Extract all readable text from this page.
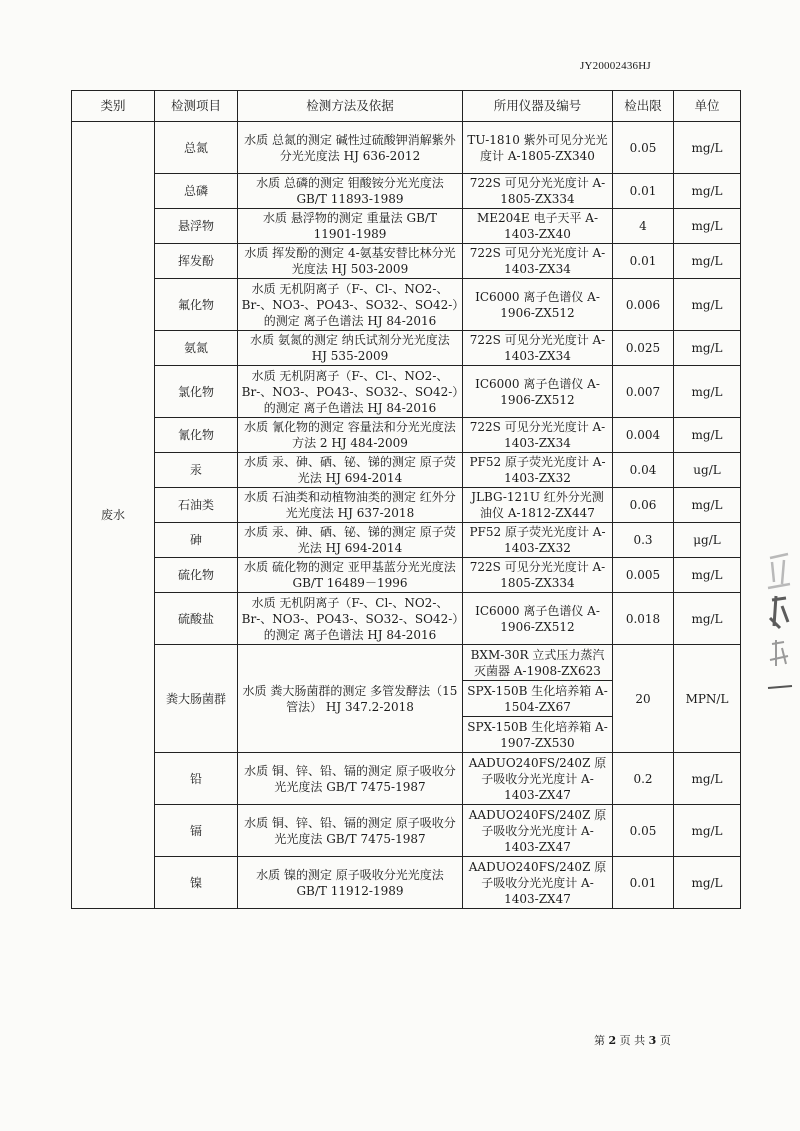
JY20002436HJ
类别	检测项目	检测方法及依据	所用仪器及编号	检出限	单位
废水	总氮	水质 总氮的测定 碱性过硫酸钾消解紫外分光光度法 HJ 636-2012	TU-1810 紫外可见分光光度计 A-1805-ZX340	0.05	mg/L
	总磷	水质 总磷的测定 钼酸铵分光光度法 GB/T 11893-1989	722S 可见分光光度计 A-1805-ZX334	0.01	mg/L
	悬浮物	水质 悬浮物的测定 重量法 GB/T 11901-1989	ME204E 电子天平 A-1403-ZX40	4	mg/L
	挥发酚	水质 挥发酚的测定 4-氨基安替比林分光光度法 HJ 503-2009	722S 可见分光光度计 A-1403-ZX34	0.01	mg/L
	氟化物	水质 无机阴离子（F-、Cl-、NO2-、Br-、NO3-、PO43-、SO32-、SO42-）的测定 离子色谱法 HJ 84-2016	IC6000 离子色谱仪 A-1906-ZX512	0.006	mg/L
	氨氮	水质 氨氮的测定 纳氏试剂分光光度法 HJ 535-2009	722S 可见分光光度计 A-1403-ZX34	0.025	mg/L
	氯化物	水质 无机阴离子（F-、Cl-、NO2-、Br-、NO3-、PO43-、SO32-、SO42-）的测定 离子色谱法 HJ 84-2016	IC6000 离子色谱仪 A-1906-ZX512	0.007	mg/L
	氰化物	水质 氰化物的测定 容量法和分光光度法 方法 2 HJ 484-2009	722S 可见分光光度计 A-1403-ZX34	0.004	mg/L
	汞	水质 汞、砷、硒、铋、锑的测定 原子荧光法 HJ 694-2014	PF52 原子荧光光度计 A-1403-ZX32	0.04	ug/L
	石油类	水质 石油类和动植物油类的测定 红外分光光度法 HJ 637-2018	JLBG-121U 红外分光测油仪 A-1812-ZX447	0.06	mg/L
	砷	水质 汞、砷、硒、铋、锑的测定 原子荧光法 HJ 694-2014	PF52 原子荧光光度计 A-1403-ZX32	0.3	μg/L
	硫化物	水质 硫化物的测定 亚甲基蓝分光光度法 GB/T 16489－1996	722S 可见分光光度计 A-1805-ZX334	0.005	mg/L
	硫酸盐	水质 无机阴离子（F-、Cl-、NO2-、Br-、NO3-、PO43-、SO32-、SO42-）的测定 离子色谱法 HJ 84-2016	IC6000 离子色谱仪 A-1906-ZX512	0.018	mg/L
	粪大肠菌群	水质 粪大肠菌群的测定 多管发酵法（15 管法） HJ 347.2-2018	BXM-30R 立式压力蒸汽灭菌器 A-1908-ZX623	20	MPN/L
			SPX-150B 生化培养箱 A-1504-ZX67		
			SPX-150B 生化培养箱 A-1907-ZX530		
	铅	水质 铜、锌、铅、镉的测定 原子吸收分光光度法 GB/T 7475-1987	AADUO240FS/240Z 原子吸收分光光度计 A-1403-ZX47	0.2	mg/L
	镉	水质 铜、锌、铅、镉的测定 原子吸收分光光度法 GB/T 7475-1987	AADUO240FS/240Z 原子吸收分光光度计 A-1403-ZX47	0.05	mg/L
	镍	水质 镍的测定 原子吸收分光光度法 GB/T 11912-1989	AADUO240FS/240Z 原子吸收分光光度计 A-1403-ZX47	0.01	mg/L
第 2 页 共 3 页
